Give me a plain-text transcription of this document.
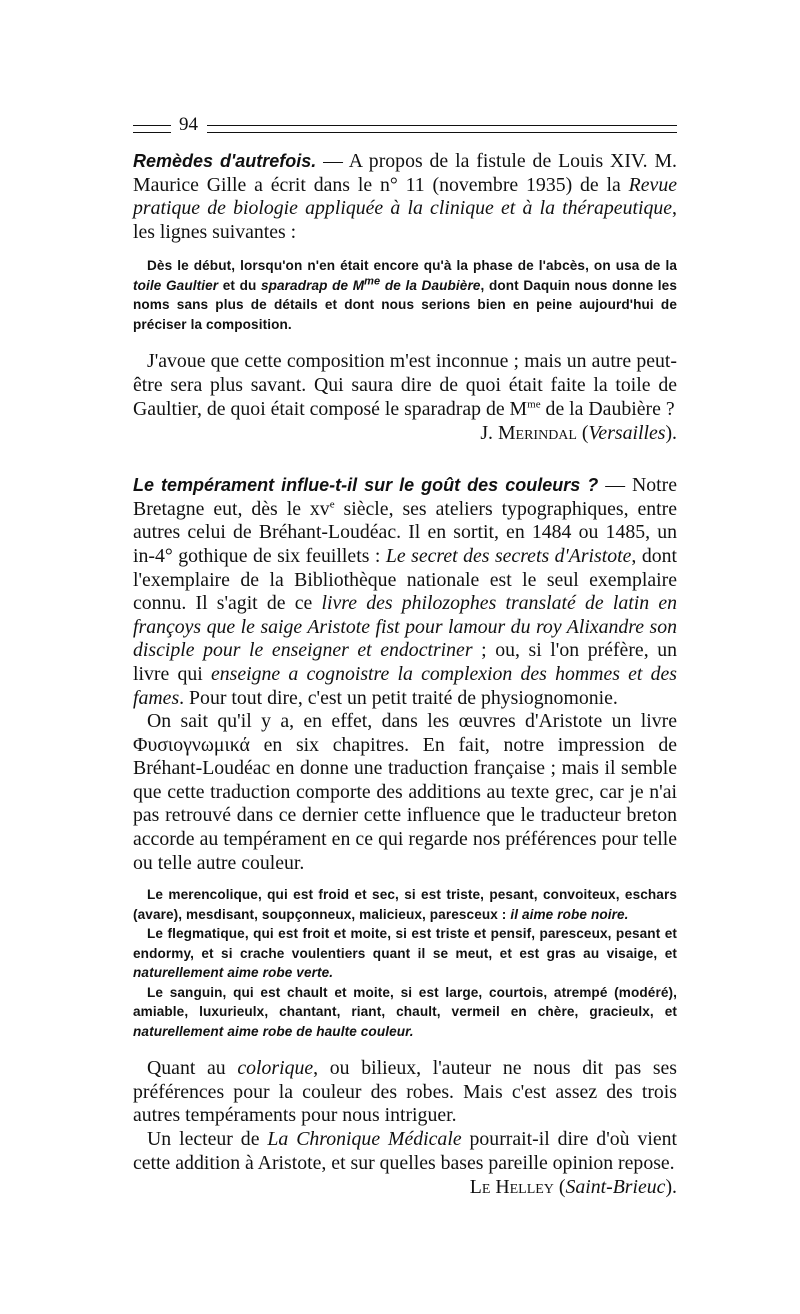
94

Remèdes d'autrefois. — A propos de la fistule de Louis XIV. M. Maurice Gille a écrit dans le n° 11 (novembre 1935) de la Revue pratique de biologie appliquée à la clinique et à la thérapeutique, les lignes suivantes :

Dès le début, lorsqu'on n'en était encore qu'à la phase de l'abcès, on usa de la toile Gaultier et du sparadrap de $M^{me}$ de la Daubière, dont Daquin nous donne les noms sans plus de détails et dont nous serions bien en peine aujourd'hui de préciser la composition.

J'avoue que cette composition m'est inconnue ; mais un autre peut-être sera plus savant. Qui saura dire de quoi était faite la toile de Gaultier, de quoi était composé le sparadrap de $M^{me}$ de la Daubière ?

J. Merindal (Versailles).

Le tempérament influe-t-il sur le goût des couleurs ? — Notre Bretagne eut, dès le $xv^e$ siècle, ses ateliers typographiques, entre autres celui de Bréhant-Loudéac. Il en sortit, en 1484 ou 1485, un in-4° gothique de six feuillets : Le secret des secrets d'Aristote, dont l'exemplaire de la Bibliothèque nationale est le seul exemplaire connu. Il s'agit de ce livre des philozophes translaté de latin en françoys que le saige Aristote fist pour lamour du roy Alixandre son disciple pour le enseigner et endoctriner ; ou, si l'on préfère, un livre qui enseigne a cognoistre la complexion des hommes et des fames. Pour tout dire, c'est un petit traité de physiognomonie.

On sait qu'il y a, en effet, dans les œuvres d'Aristote un livre Φυσιογνωμικά en six chapitres. En fait, notre impression de Bréhant-Loudéac en donne une traduction française ; mais il semble que cette traduction comporte des additions au texte grec, car je n'ai pas retrouvé dans ce dernier cette influence que le traducteur breton accorde au tempérament en ce qui regarde nos préférences pour telle ou telle autre couleur.

Le merencolique, qui est froid et sec, si est triste, pesant, convoiteux, eschars (avare), mesdisant, soupçonneux, malicieux, paresceux : il aime robe noire.

Le flegmatique, qui est froit et moite, si est triste et pensif, paresceux, pesant et endormy, et si crache voulentiers quant il se meut, et est gras au visaige, et naturellement aime robe verte.

Le sanguin, qui est chault et moite, si est large, courtois, atrempé (modéré), amiable, luxurieulx, chantant, riant, chault, vermeil en chère, gracieulx, et naturellement aime robe de haulte couleur.

Quant au colorique, ou bilieux, l'auteur ne nous dit pas ses préférences pour la couleur des robes. Mais c'est assez des trois autres tempéraments pour nous intriguer.

Un lecteur de La Chronique Médicale pourrait-il dire d'où vient cette addition à Aristote, et sur quelles bases pareille opinion repose.

Le Helley (Saint-Brieuc).
